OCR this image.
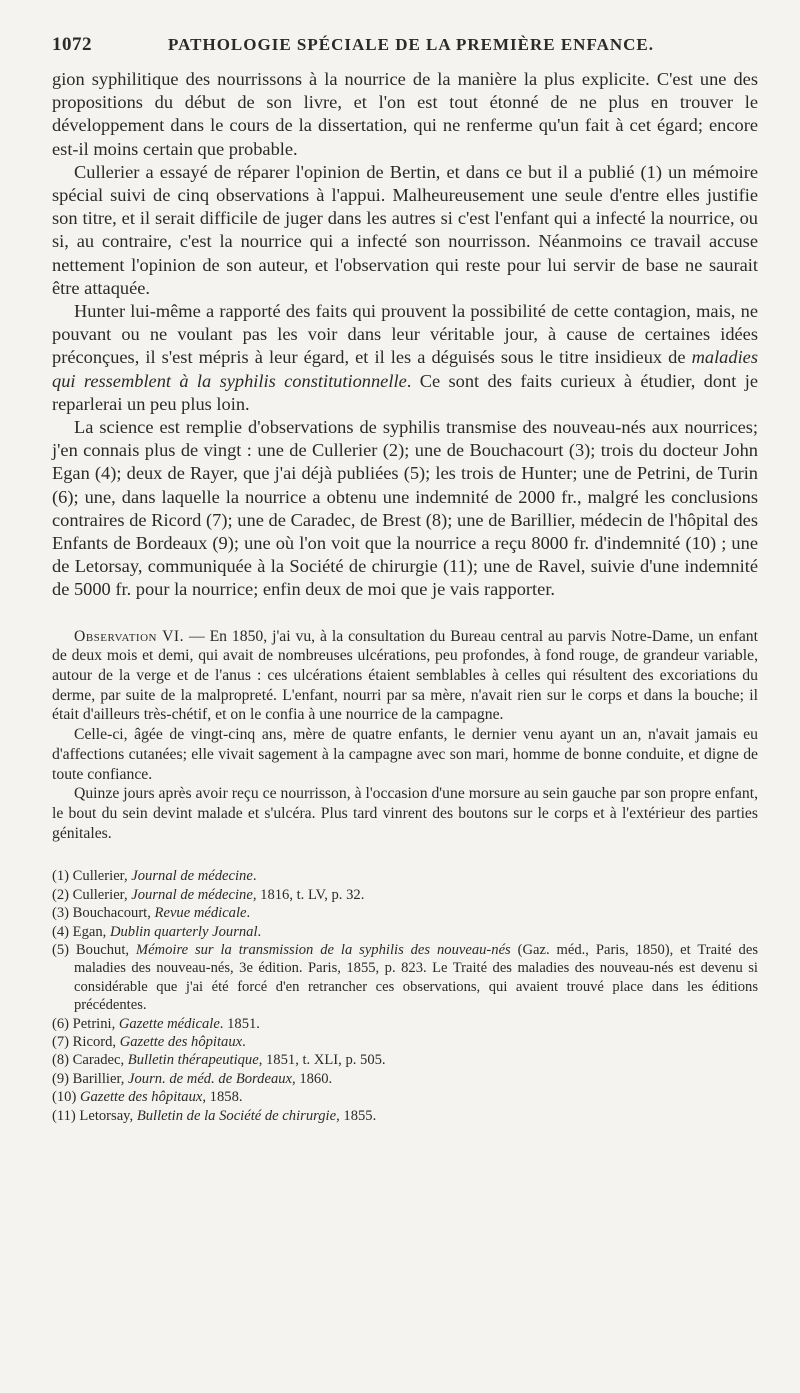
1072	PATHOLOGIE SPÉCIALE DE LA PREMIÈRE ENFANCE.

gion syphilitique des nourrissons à la nourrice de la manière la plus explicite. C'est une des propositions du début de son livre, et l'on est tout étonné de ne plus en trouver le développement dans le cours de la dissertation, qui ne renferme qu'un fait à cet égard; encore est-il moins certain que probable.

Cullerier a essayé de réparer l'opinion de Bertin, et dans ce but il a publié (1) un mémoire spécial suivi de cinq observations à l'appui. Malheureusement une seule d'entre elles justifie son titre, et il serait difficile de juger dans les autres si c'est l'enfant qui a infecté la nourrice, ou si, au contraire, c'est la nourrice qui a infecté son nourrisson. Néanmoins ce travail accuse nettement l'opinion de son auteur, et l'observation qui reste pour lui servir de base ne saurait être attaquée.

Hunter lui-même a rapporté des faits qui prouvent la possibilité de cette contagion, mais, ne pouvant ou ne voulant pas les voir dans leur véritable jour, à cause de certaines idées préconçues, il s'est mépris à leur égard, et il les a déguisés sous le titre insidieux de maladies qui ressemblent à la syphilis constitutionnelle. Ce sont des faits curieux à étudier, dont je reparlerai un peu plus loin.

La science est remplie d'observations de syphilis transmise des nouveau-nés aux nourrices; j'en connais plus de vingt : une de Cullerier (2); une de Bouchacourt (3); trois du docteur John Egan (4); deux de Rayer, que j'ai déjà publiées (5); les trois de Hunter; une de Petrini, de Turin (6); une, dans laquelle la nourrice a obtenu une indemnité de 2000 fr., malgré les conclusions contraires de Ricord (7); une de Caradec, de Brest (8); une de Barillier, médecin de l'hôpital des Enfants de Bordeaux (9); une où l'on voit que la nourrice a reçu 8000 fr. d'indemnité (10) ; une de Letorsay, communiquée à la Société de chirurgie (11); une de Ravel, suivie d'une indemnité de 5000 fr. pour la nourrice; enfin deux de moi que je vais rapporter.

Observation VI. — En 1850, j'ai vu, à la consultation du Bureau central au parvis Notre-Dame, un enfant de deux mois et demi, qui avait de nombreuses ulcérations, peu profondes, à fond rouge, de grandeur variable, autour de la verge et de l'anus : ces ulcérations étaient semblables à celles qui résultent des excoriations du derme, par suite de la malpropreté. L'enfant, nourri par sa mère, n'avait rien sur le corps et dans la bouche; il était d'ailleurs très-chétif, et on le confia à une nourrice de la campagne.

Celle-ci, âgée de vingt-cinq ans, mère de quatre enfants, le dernier venu ayant un an, n'avait jamais eu d'affections cutanées; elle vivait sagement à la campagne avec son mari, homme de bonne conduite, et digne de toute confiance.

Quinze jours après avoir reçu ce nourrisson, à l'occasion d'une morsure au sein gauche par son propre enfant, le bout du sein devint malade et s'ulcéra. Plus tard vinrent des boutons sur le corps et à l'extérieur des parties génitales.

(1) Cullerier, Journal de médecine.

(2) Cullerier, Journal de médecine, 1816, t. LV, p. 32.

(3) Bouchacourt, Revue médicale.

(4) Egan, Dublin quarterly Journal.

(5) Bouchut, Mémoire sur la transmission de la syphilis des nouveau-nés (Gaz. méd., Paris, 1850), et Traité des maladies des nouveau-nés, 3e édition. Paris, 1855, p. 823. Le Traité des maladies des nouveau-nés est devenu si considérable que j'ai été forcé d'en retrancher ces observations, qui avaient trouvé place dans les éditions précédentes.

(6) Petrini, Gazette médicale. 1851.

(7) Ricord, Gazette des hôpitaux.

(8) Caradec, Bulletin thérapeutique, 1851, t. XLI, p. 505.

(9) Barillier, Journ. de méd. de Bordeaux, 1860.

(10) Gazette des hôpitaux, 1858.

(11) Letorsay, Bulletin de la Société de chirurgie, 1855.
